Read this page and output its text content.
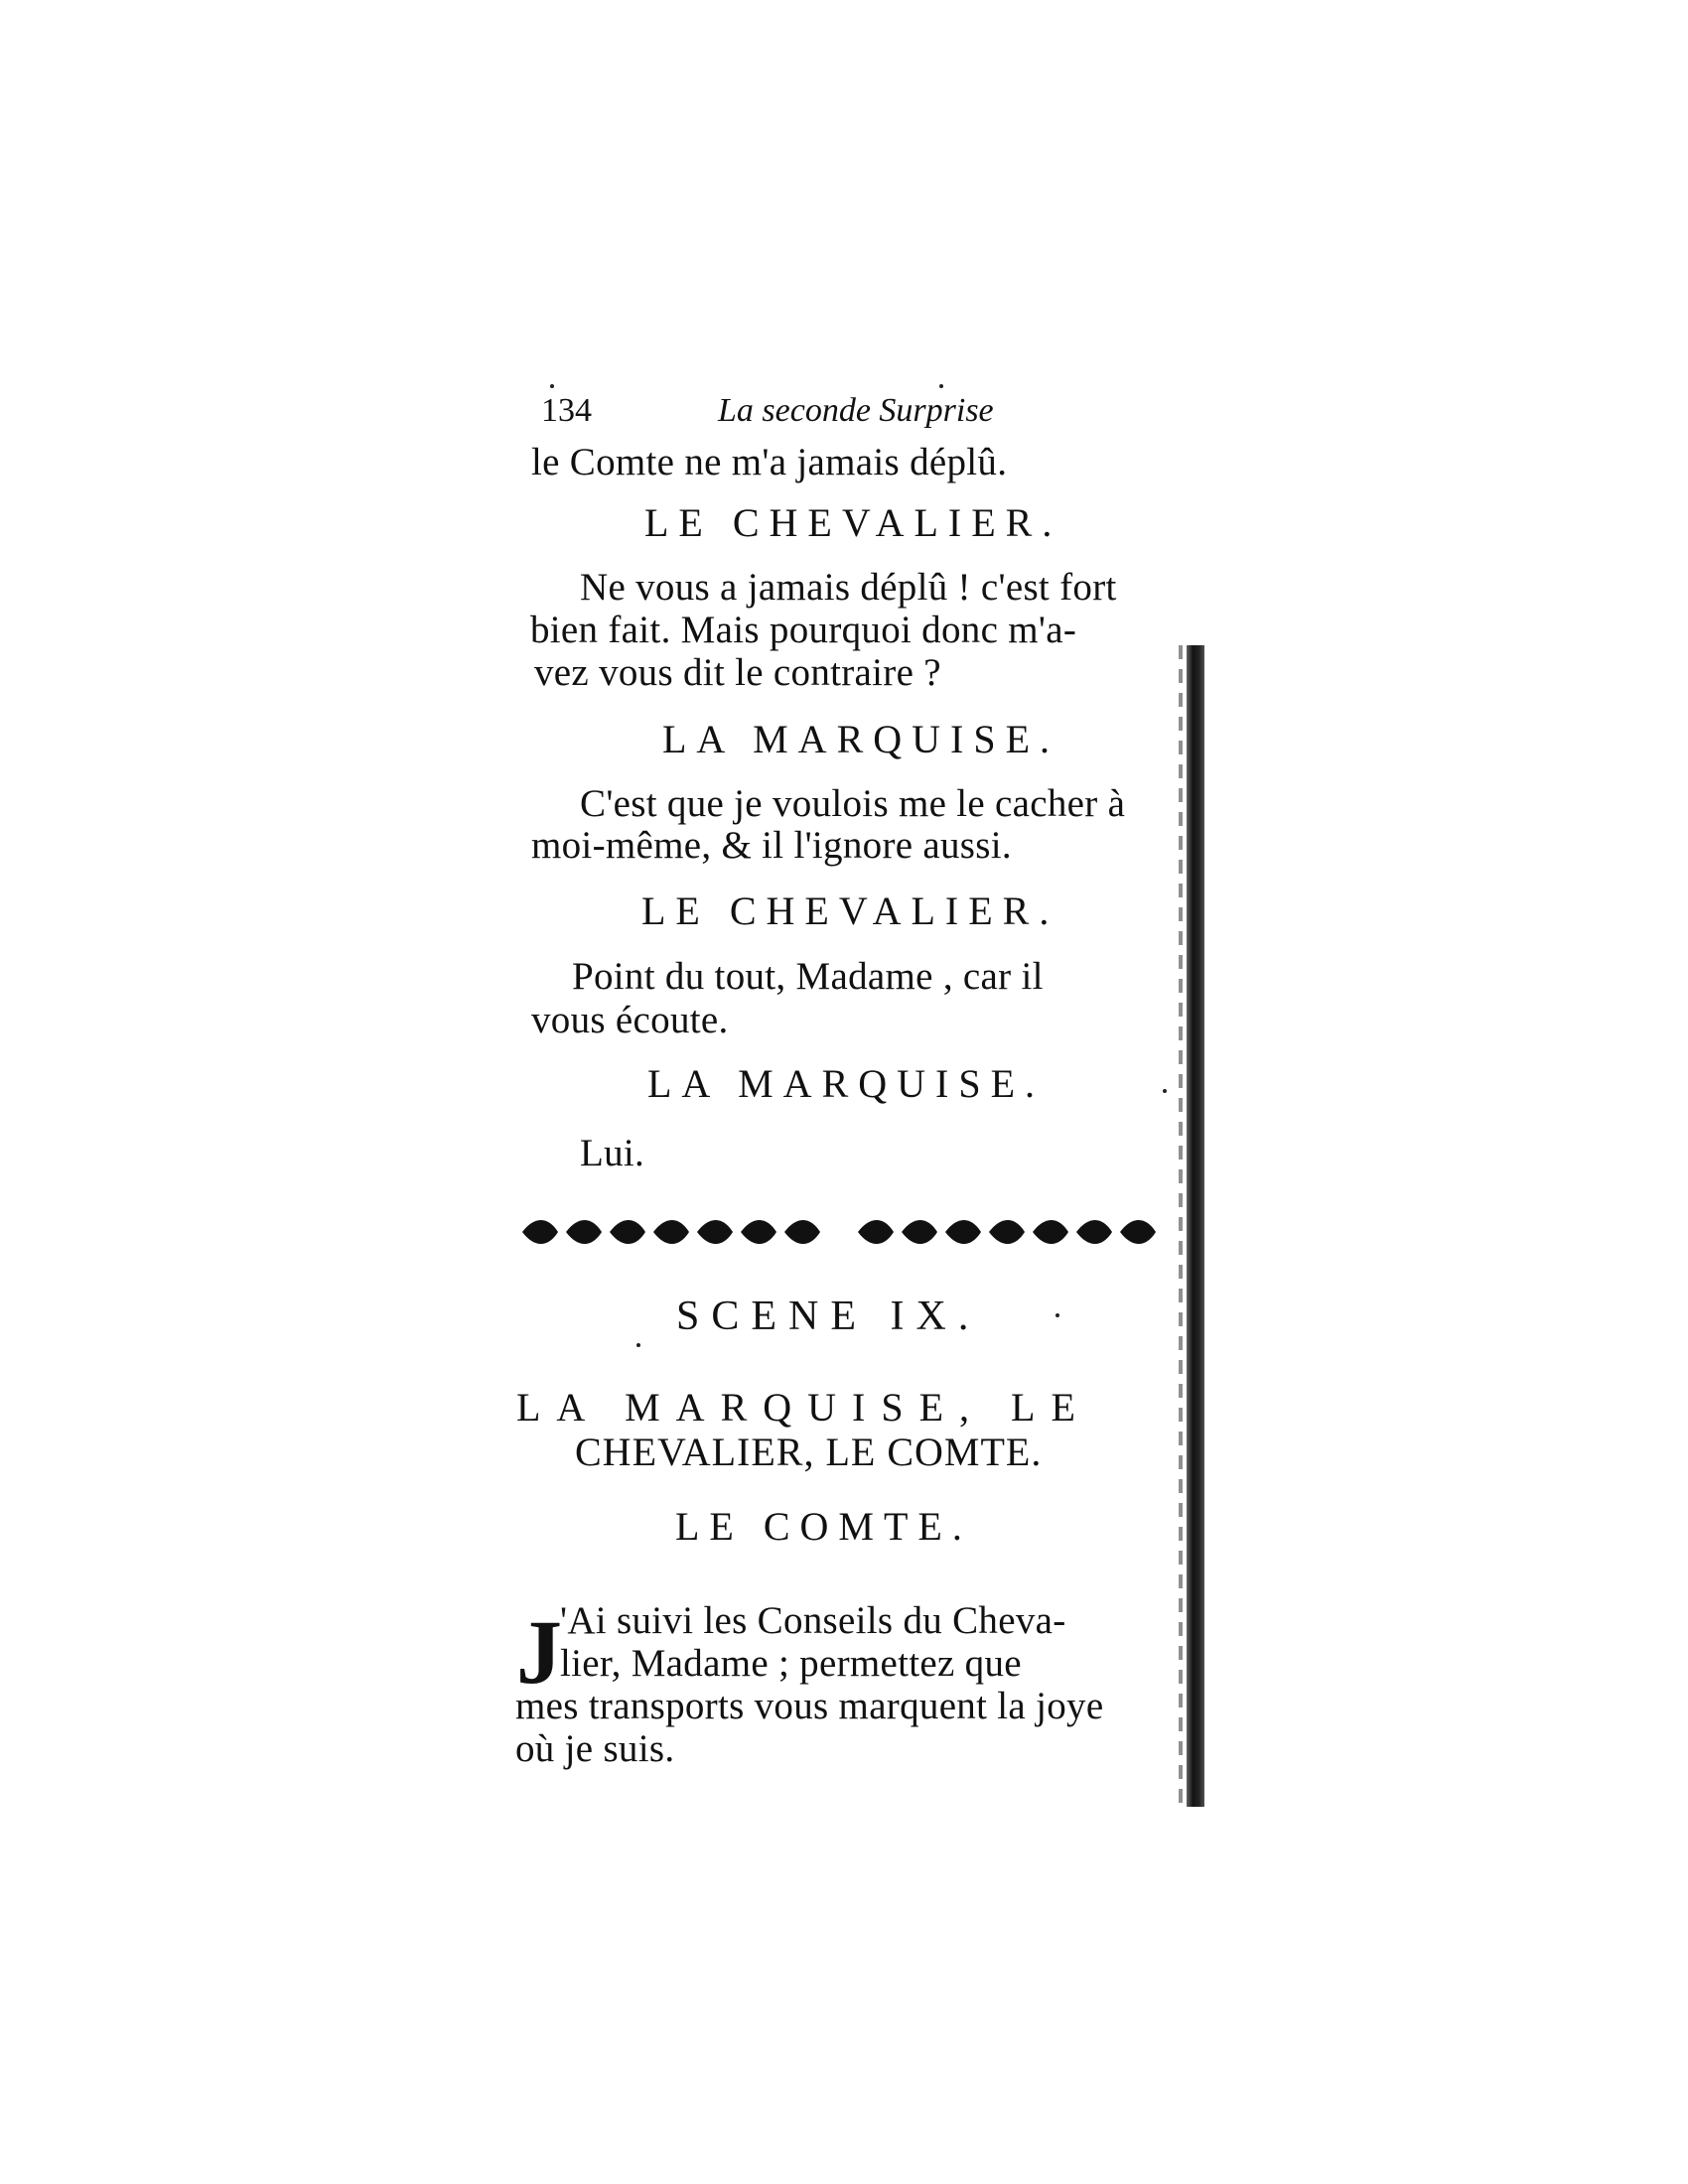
134	La seconde Surprise
le Comte ne m'a jamais déplû.
LE CHEVALIER.
Ne vous a jamais déplû ! c'est fort
bien fait. Mais pourquoi donc m'a-
vez vous dit le contraire ?
LA MARQUISE.
C'est que je voulois me le cacher à
moi-même, & il l'ignore aussi.
LE CHEVALIER.
Point du tout, Madame , car il
vous écoute.
LA MARQUISE.
Lui.
SCENE IX.
LA MARQUISE, LE
CHEVALIER, LE COMTE.
LE COMTE.
J
'Ai suivi les Conseils du Cheva-
lier, Madame ; permettez que
mes transports vous marquent la joye
où je suis.
